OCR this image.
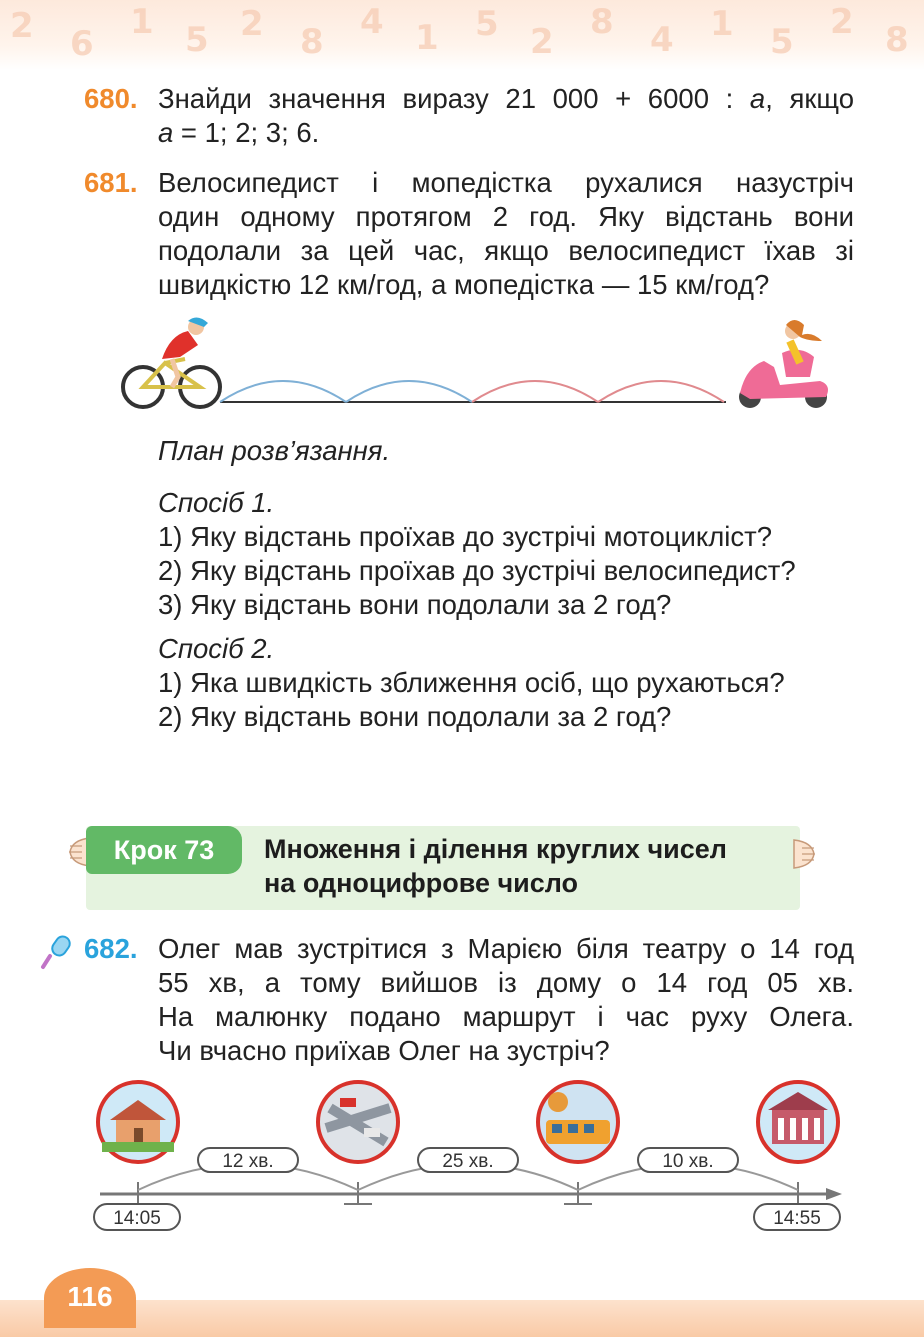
2 6
1 5 2 8 4 1 5 2 8 4 1 5 2 8
680. Знайди значення виразу 21 000 + 6000 : а, якщо
а = 1; 2; 3; 6.
681. Велосипедист і мопедістка рухалися назустріч
один одному протягом 2 год. Яку відстань вони
подолали за цей час, якщо велосипедист їхав зі
швидкістю 12 км/год, а мопедістка — 15 км/год?
План розв’язання.
Спосіб 1.
1) Яку відстань проїхав до зустрічі мотоцикліст?
2) Яку відстань проїхав до зустрічі велосипедист?
3) Яку відстань вони подолали за 2 год?
Спосіб 2.
1) Яка швидкість зближення осіб, що рухаються?
2) Яку відстань вони подолали за 2 год?
Крок 73	Множення і ділення круглих чисел
на одноцифрове число
682. Олег мав зустрітися з Марією біля театру о 14 год
55 хв, а тому вийшов із дому о 14 год 05 хв.
На малюнку подано маршрут і час руху Олега.
Чи вчасно приїхав Олег на зустріч?
12 хв.	25 хв.	10 хв.
14:05	14:55
116
